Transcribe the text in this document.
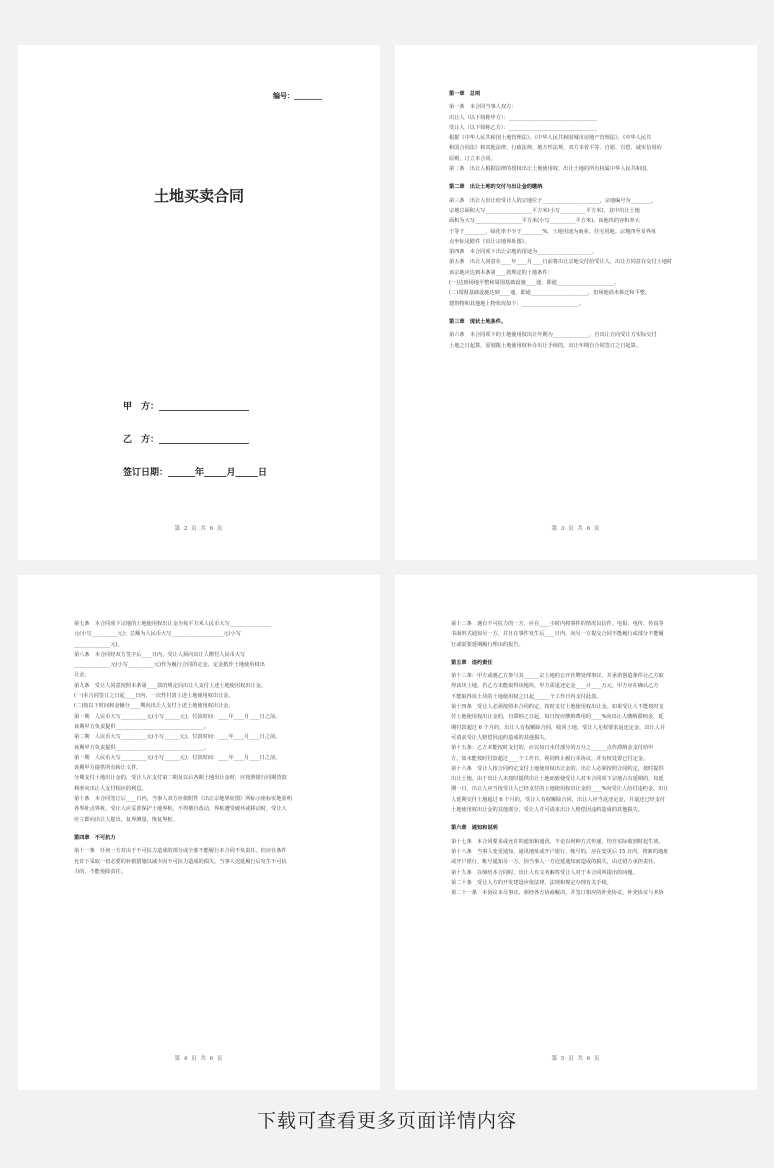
编号：________
土地买卖合同
甲　方：____________________
乙　方：____________________
签订日期：______年_____月_____日
第 2 页 共 6 页

第一章　总则

第一条　本合同当事人双方：

出让人（以下简称甲方）：__________________________________

受让人（以下简称乙方）：__________________________________

根据《中华人民共和国土地管理法》、《中华人民共和国城市房地产管理法》、《中华人民共

和国合同法》和其他法律、行政法规、地方性法规，双方本着平等、自愿、有偿、诚实信用的

原则，订立本合同。

第二条　出让人根据法律的授权出让土地使用权，出让土地的所有权属中华人民共和国。

第二章　出让土地的交付与出让金的缴纳

第三条　出让人出让给受让人的宗地位于______________________，宗地编号为________，

宗地总面积大写__________________平方米(小写__________平方米)，其中出让土地

面积为大写__________________平方米(小写__________平方米)。该地块的容积率大

于等于________，绿化率不少于________%。土地用途为商业、住宅用地。宗地四至及界址

点坐标见附件《出让宗地界址图》。

第四条　本合同项下出让宗地的用途为_____________________。

第五条　出让人同意在____年____月____日前将出让宗地交付给受让人，出让方同意在交付土地时

该宗地应达到本条第____款规定的土地条件：

(一)达到场地平整和周围基础设施____通，即通______________________。

(二)周围基础设施达到____通，即通______________________，但场地尚未拆迁和平整，

建筑物和其他地上物状况如下：______________________。

第三章　现状土地条件。

第六条　本合同项下的土地使用权出让年期为______________，自出让方向受让方实际交付

土地之日起算，原划拨土地使用权补办出让手续的，出让年期自合同签订之日起算。

第 3 页 共 6 页

第七条　本合同项下宗地的土地使用权出让金为每平方米人民币大写________________

元(小写__________元)；总额为人民币大写____________________元(小写

______________元)。

第八条　本合同经双方签字后____日内，受让人须向出让人缴付人民币大写

______________元(小写__________元)作为履行合同的定金，定金抵作土地使用权出

让金。

第九条　受让人同意按照本条第____款的规定向出让人支付上述土地使用权出让金。

(一)本合同签订之日起____日内，一次性付清上述土地使用权出让金。

(二)按以下时间和金额分____期向出让人支付上述土地使用权出让金。

第一期　人民币大写__________元(小写______元)，付款时间：____年____月____日之前。

该期甲方负责提供__________________________________。

第二期　人民币大写__________元(小写______元)，付款时间：____年____月____日之前。

该期甲方负责提供__________________________________。

第一期　人民币大写__________元(小写______元)，付款时间：____年____月____日之前，

该期甲方提供所有转让文件。

分期支付土地出让金的，受让人在支付第二期及以后各期土地出让金时，应按照银行同期贷款

利率向出让人支付相应的利息。

第十条　本合同签订后____日内，当事人双方应依附件《出让宗地界址图》所标示座标实地验明

各界址点界桩。受让人应妥善保护土地界桩，不得擅自改动，界桩遭受破坏或移动时，受让人

应立即向出让人提出，复界测量，恢复界桩。

第四章　不可抗力

第十一条　任何一方对由于不可抗力造成的部分或全部不能履行本合同不负责任。但应在条件

允许下采取一切必要的补救措施以减少因不可抗力造成的损失。当事人迟延履行后发生不可抗

力的，不能免除责任。

第 4 页 共 6 页

第十二条　遇有不可抗力的一方，应在____小时内将事件的情况以信件、电报、电传、传真等

书面形式通知另一方，并且在事件发生后____日内，向另一方提交合同不能履行或部分不能履

行或需要延期履行理由的报告。

第五章　违约责任

第十三条：甲方或遇乙方参与其______宗土地的公开挂牌处理事宜，并承诺创造条件让乙方取

得该块土地，若乙方未能取得该地块，甲方需退还定金____计____万元，甲方应在确认乙方

不能取得该土块的土地使用权之日起______个工作日内支付此款。

第十四条　受让人必须按照本合同约定，按时支付土地使用权出让金。如果受让人不能按时支

付土地使用权出让金的，自滞纳之日起，每日按应缴纳费用的____%向出让人缴纳滞纳金，延

期付款超过 6 个月的，出让人有权解除合同，收回土地，受让人无权要求返还定金，出让人并

可请求受让人赔偿因违约造成的其他损失。

第十五条：乙方未能按时支付的，应以每日未付部分的万分之______点作滞纳金支付给甲

方。如未能按时付款超过____个工作日，视同终止履行本协议，并有权处置已付定金。

第十六条　受让人按合同约定支付土地使用权出让金的，出让人必须按照合同约定，按时提供

出让土地。由于出让人未按时提供出让土地而致使受让人对本合同项下宗地占有延期的，每延

期一日，出让人应当按受让人已经支付的土地使用权出让金的____%向受让人给付违约金。出让

人延期交付土地超过 6 个月的，受让人有权解除合同，出让人应当返还定金，并退还已经支付

土地使用权出让金的其他部分，受让人并可请求出让人赔偿因违约造成的其他损失。

第六章　通知和说明

第十七条　本合同要求或允许的通知和通讯，不论以何种方式传递，均自实际收到时起生效。

第十八条　当事人变更通知、通讯地址或开户银行、帐号的，应在变更后 15 日内，将新的地址

或开户银行、帐号通知另一方。因当事人一方迟延通知而造成的损失，由过错方承担责任。

第十九条　在缔结本合同时，出让人有义务解答受让人对于本合同所提出的问题。

第二十条　受让人方的开发建设应依法律、法规和规定办理有关手续。

第二十一条　本协议未尽事宜，须经各方协商解决，并签订相应的补充协议，补充协议与本协

第 5 页 共 6 页
下载可查看更多页面详情内容
